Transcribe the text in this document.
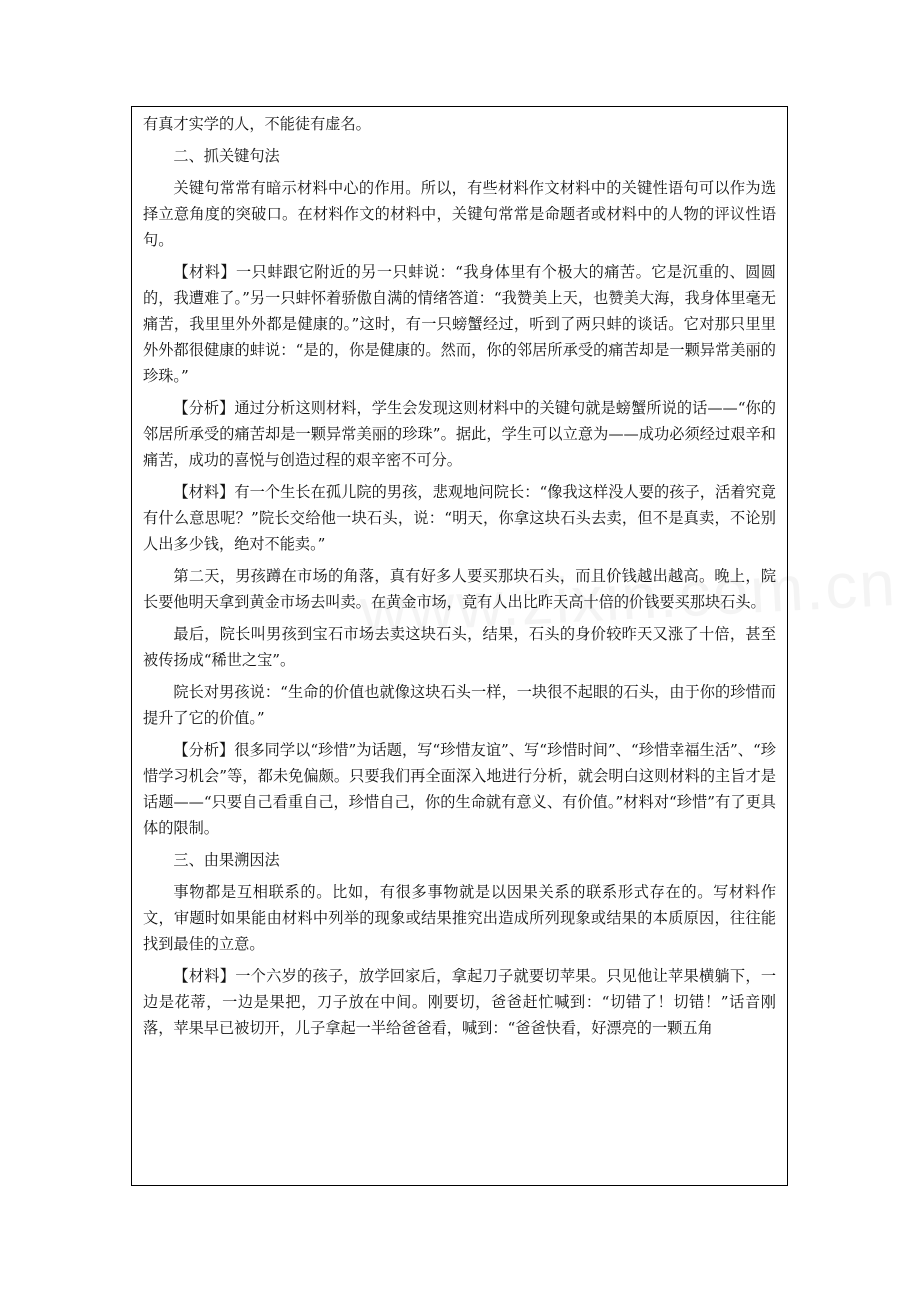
有真才实学的人，不能徒有虚名。

二、抓关键句法

关键句常常有暗示材料中心的作用。所以，有些材料作文材料中的关键性语句可以作为选择立意角度的突破口。在材料作文的材料中，关键句常常是命题者或材料中的人物的评议性语句。

【材料】一只蚌跟它附近的另一只蚌说：“我身体里有个极大的痛苦。它是沉重的、圆圆的，我遭难了。”另一只蚌怀着骄傲自满的情绪答道：“我赞美上天，也赞美大海，我身体里毫无痛苦，我里里外外都是健康的。”这时，有一只螃蟹经过，听到了两只蚌的谈话。它对那只里里外外都很健康的蚌说：“是的，你是健康的。然而，你的邻居所承受的痛苦却是一颗异常美丽的珍珠。”

【分析】通过分析这则材料，学生会发现这则材料中的关键句就是螃蟹所说的话——“你的邻居所承受的痛苦却是一颗异常美丽的珍珠”。据此，学生可以立意为——成功必须经过艰辛和痛苦，成功的喜悦与创造过程的艰辛密不可分。

【材料】有一个生长在孤儿院的男孩，悲观地问院长：“像我这样没人要的孩子，活着究竟有什么意思呢？”院长交给他一块石头，说：“明天，你拿这块石头去卖，但不是真卖，不论别人出多少钱，绝对不能卖。”

第二天，男孩蹲在市场的角落，真有好多人要买那块石头，而且价钱越出越高。晚上，院长要他明天拿到黄金市场去叫卖。在黄金市场，竟有人出比昨天高十倍的价钱要买那块石头。

最后，院长叫男孩到宝石市场去卖这块石头，结果，石头的身价较昨天又涨了十倍，甚至被传扬成“稀世之宝”。

院长对男孩说：“生命的价值也就像这块石头一样，一块很不起眼的石头，由于你的珍惜而提升了它的价值。”

【分析】很多同学以“珍惜”为话题，写“珍惜友谊”、写“珍惜时间”、“珍惜幸福生活”、“珍惜学习机会”等，都未免偏颇。只要我们再全面深入地进行分析，就会明白这则材料的主旨才是话题——“只要自己看重自己，珍惜自己，你的生命就有意义、有价值。”材料对“珍惜”有了更具体的限制。

三、由果溯因法

事物都是互相联系的。比如，有很多事物就是以因果关系的联系形式存在的。写材料作文，审题时如果能由材料中列举的现象或结果推究出造成所列现象或结果的本质原因，往往能找到最佳的立意。

【材料】一个六岁的孩子，放学回家后，拿起刀子就要切苹果。只见他让苹果横躺下，一边是花蒂，一边是果把，刀子放在中间。刚要切，爸爸赶忙喊到：“切错了！切错！”话音刚落，苹果早已被切开，儿子拿起一半给爸爸看，喊到：“爸爸快看，好漂亮的一颗五角
